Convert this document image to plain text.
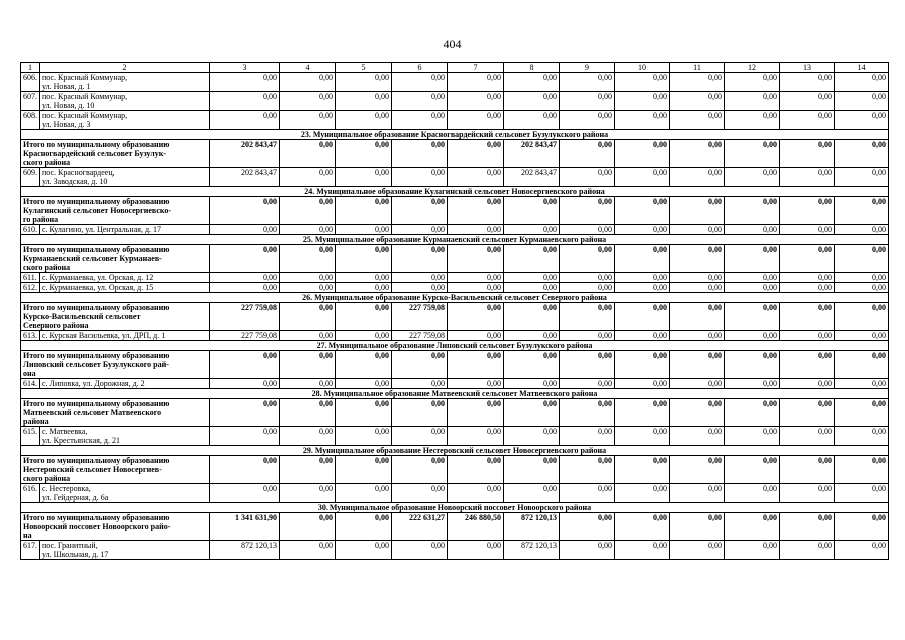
404
1	2	3	4	5	6	7	8	9	10	11	12	13	14
606.	пос. Красный Коммунар,
ул. Новая, д. 1	0,00	0,00	0,00	0,00	0,00	0,00	0,00	0,00	0,00	0,00	0,00	0,00
607.	пос. Красный Коммунар,
ул. Новая, д. 10	0,00	0,00	0,00	0,00	0,00	0,00	0,00	0,00	0,00	0,00	0,00	0,00
608.	пос. Красный Коммунар,
ул. Новая, д. 3	0,00	0,00	0,00	0,00	0,00	0,00	0,00	0,00	0,00	0,00	0,00	0,00
23. Муниципальное образование Красногвардейский сельсовет Бузулукского района													
Итого по муниципальному образованию
Красногвардейский сельсовет Бузулук-
ского района		202 843,47	0,00	0,00	0,00	0,00	202 843,47	0,00	0,00	0,00	0,00	0,00	0,00
609.	пос. Красногвардеец,
ул. Заводская, д. 10	202 843,47	0,00	0,00	0,00	0,00	202 843,47	0,00	0,00	0,00	0,00	0,00	0,00
24. Муниципальное образование Кулагинский сельсовет Новосергиевского района													
Итого по муниципальному образованию
Кулагинский сельсовет Новосергиевско-
го района		0,00	0,00	0,00	0,00	0,00	0,00	0,00	0,00	0,00	0,00	0,00	0,00
610.	с. Кулагино, ул. Центральная, д. 17	0,00	0,00	0,00	0,00	0,00	0,00	0,00	0,00	0,00	0,00	0,00	0,00
25. Муниципальное образование Курманаевский сельсовет Курманаевского района													
Итого по муниципальному образованию
Курманаевский сельсовет Курманаев-
ского района		0,00	0,00	0,00	0,00	0,00	0,00	0,00	0,00	0,00	0,00	0,00	0,00
611.	с. Курманаевка, ул. Орская, д. 12	0,00	0,00	0,00	0,00	0,00	0,00	0,00	0,00	0,00	0,00	0,00	0,00
612.	с. Курманаевка, ул. Орская, д. 15	0,00	0,00	0,00	0,00	0,00	0,00	0,00	0,00	0,00	0,00	0,00	0,00
26. Муниципальное образование Курско-Васильевский сельсовет Северного района													
Итого по муниципальному образованию
Курско-Васильевский сельсовет
Северного района		227 759,08	0,00	0,00	227 759,08	0,00	0,00	0,00	0,00	0,00	0,00	0,00	0,00
613.	с. Курская Васильевка, ул. ДРП, д. 1	227 759,08	0,00	0,00	227 759,08	0,00	0,00	0,00	0,00	0,00	0,00	0,00	0,00
27. Муниципальное образование Липовский сельсовет Бузулукского района													
Итого по муниципальному образованию
Липовский сельсовет Бузулукского рай-
она		0,00	0,00	0,00	0,00	0,00	0,00	0,00	0,00	0,00	0,00	0,00	0,00
614.	с. Липовка, ул. Дорожная, д. 2	0,00	0,00	0,00	0,00	0,00	0,00	0,00	0,00	0,00	0,00	0,00	0,00
28. Муниципальное образование Матвеевский сельсовет Матвеевского района													
Итого по муниципальному образованию
Матвеевский сельсовет Матвеевского
района		0,00	0,00	0,00	0,00	0,00	0,00	0,00	0,00	0,00	0,00	0,00	0,00
615.	с. Матвеевка,
ул. Крестьянская, д. 21	0,00	0,00	0,00	0,00	0,00	0,00	0,00	0,00	0,00	0,00	0,00	0,00
29. Муниципальное образование Нестеровский сельсовет Новосергиевского района													
Итого по муниципальному образованию
Нестеровский сельсовет Новосергиев-
ского района		0,00	0,00	0,00	0,00	0,00	0,00	0,00	0,00	0,00	0,00	0,00	0,00
616.	с. Нестеровка,
ул. Гейдерная, д. 6а	0,00	0,00	0,00	0,00	0,00	0,00	0,00	0,00	0,00	0,00	0,00	0,00
30. Муниципальное образование Новоорский поссовет Новоорского района													
Итого по муниципальному образованию
Новоорский поссовет Новоорского райо-
на		1 341 631,90	0,00	0,00	222 631,27	246 880,50	872 120,13	0,00	0,00	0,00	0,00	0,00	0,00
617.	пос. Гранитный,
ул. Школьная, д. 17	872 120,13	0,00	0,00	0,00	0,00	872 120,13	0,00	0,00	0,00	0,00	0,00	0,00
